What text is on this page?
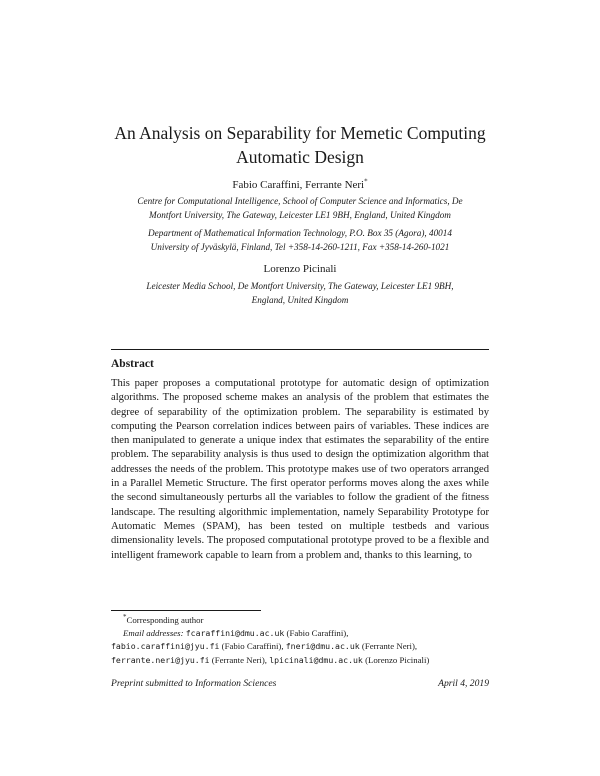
An Analysis on Separability for Memetic Computing
Automatic Design
Fabio Caraffini, Ferrante Neri*
Centre for Computational Intelligence, School of Computer Science and Informatics, De
Montfort University, The Gateway, Leicester LE1 9BH, England, United Kingdom
Department of Mathematical Information Technology, P.O. Box 35 (Agora), 40014
University of Jyväskylä, Finland, Tel +358-14-260-1211, Fax +358-14-260-1021
Lorenzo Picinali
Leicester Media School, De Montfort University, The Gateway, Leicester LE1 9BH,
England, United Kingdom
Abstract
This paper proposes a computational prototype for automatic design of optimization algorithms. The proposed scheme makes an analysis of the problem that estimates the degree of separability of the optimization problem. The separability is estimated by computing the Pearson correlation indices between pairs of variables. These indices are then manipulated to generate a unique index that estimates the separability of the entire problem. The separability analysis is thus used to design the optimization algorithm that addresses the needs of the problem. This prototype makes use of two operators arranged in a Parallel Memetic Structure. The first operator performs moves along the axes while the second simultaneously perturbs all the variables to follow the gradient of the fitness landscape. The resulting algorithmic implementation, namely Separability Prototype for Automatic Memes (SPAM), has been tested on multiple testbeds and various dimensionality levels. The proposed computational prototype proved to be a flexible and intelligent framework capable to learn from a problem and, thanks to this learning, to
*Corresponding author
Email addresses: fcaraffini@dmu.ac.uk (Fabio Caraffini),
fabio.caraffini@jyu.fi (Fabio Caraffini), fneri@dmu.ac.uk (Ferrante Neri),
ferrante.neri@jyu.fi (Ferrante Neri), lpicinali@dmu.ac.uk (Lorenzo Picinali)
Preprint submitted to Information Sciences	April 4, 2019
